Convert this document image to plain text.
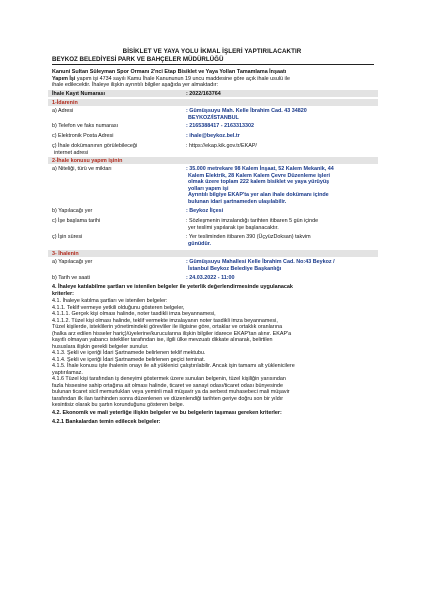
BİSİKLET VE YAYA YOLU İKMAL İŞLERİ YAPTIRILACAKTIR
BEYKOZ BELEDİYESİ PARK VE BAHÇELER MÜDÜRLÜĞÜ
Kanuni Sultan Süleyman Spor Ormanı 2'nci Etap Bisiklet ve Yaya Yolları Tamamlama İnşaatı
Yapım İşi yapım işi 4734 sayılı Kamu İhale Kanununun 19 uncu maddesine göre açık ihale usulü ile
ihale edilecektir. İhaleye ilişkin ayrıntılı bilgiler aşağıda yer almaktadır:
İhale Kayıt Numarası	: 2022/163764
1-İdarenin
a) Adresi	: Gümüşsuyu Mah. Kelle İbrahim Cad. 43 34820
BEYKOZ/İSTANBUL
b) Telefon ve faks numarası	: 2165388417 - 2163313302
c) Elektronik Posta Adresi	: ihale@beykoz.bel.tr
ç) İhale dokümanının görülebileceği
internet adresi
: https://ekap.kik.gov.tr/EKAP/
2-İhale konusu yapım işinin
a) Niteliği, türü ve miktarı	: 35.000 metrekare 98 Kalem İnşaat, 52 Kalem Mekanik, 44
Kalem Elektrik, 28 Kalem Kalem Çevre Düzenleme işleri
olmak üzere toplam 222 kalem bisiklet ve yaya yürüyüş
yolları yapım işi
Ayrıntılı bilgiye EKAP'ta yer alan ihale dokümanı içinde
bulunan idari şartnameden ulaşılabilir.
b) Yapılacağı yer	: Beykoz İlçesi
c) İşe başlama tarihi	: Sözleşmenin imzalandığı tarihten itibaren 5 gün içinde
yer teslimi yapılarak işe başlanacaktır.
ç) İşin süresi	: Yer tesliminden itibaren 390 (ÜçyüzDoksan) takvim
günüdür.
3- İhalenin
a) Yapılacağı yer	: Gümüşsuyu Mahallesi Kelle İbrahim Cad. No:43 Beykoz /
İstanbul Beykoz Belediye Başkanlığı
b) Tarih ve saati	: 24.03.2022 - 11:00
4. İhaleye katılabilme şartları ve istenilen belgeler ile yeterlik değerlendirmesinde uygulanacak
kriterler:
4.1. İhaleye katılma şartları ve istenilen belgeler:
4.1.1. Teklif vermeye yetkili olduğunu gösteren belgeler,
4.1.1.1. Gerçek kişi olması halinde, noter tasdikli imza beyannamesi,
4.1.1.2. Tüzel kişi olması halinde, teklif vermekte imzalayanın noter tasdikli imza beyannamesi,
Tüzel kişilerde, isteklilerin yönetimindeki görevliler ile iligisine göre, ortaklar ve ortaklık oranlarına
(halka arz edilen hisseler hariç)/üyelerine/kurucularına ilişkin bilgiler idarece EKAP'tan alınır. EKAP'a
kayıtlı olmayan yabancı istekliler tarafından ise, ilgili ülke mevzuatı dikkate alınarak, belirtilen
hususlara ilişkin gerekli belgeler sunulur.
4.1.3. Şekli ve içeriği İdari Şartnamede belirlenen teklif mektubu.
4.1.4. Şekli ve içeriği İdari Şartnamede belirlenen geçici teminat.
4.1.5. İhale konusu işte ihalenin onayı ile alt yüklenici çalıştırılabilir. Ancak işin tamamı alt yüklenicilere
yaptırılamaz.
4.1.6 Tüzel kişi tarafından iş deneyimi göstermek üzere sunulan belgenin, tüzel kişiliğin yarısından
fazla hissesine sahip ortağına ait olması halinde, ticaret ve sanayi odası/ticaret odası bünyesinde
bulunan ticaret sicil memurlukları veya yeminli mali müşavir ya da serbest muhasebeci mali müşavir
tarafından ilk ilan tarihinden sonra düzenlenen ve düzenlendiği tarihten geriye doğru son bir yıldır
kesintisiz olarak bu şartın korunduğunu gösteren belge.
4.2. Ekonomik ve mali yeterliğe ilişkin belgeler ve bu belgelerin taşıması gereken kriterler:
4.2.1 Bankalardan temin edilecek belgeler:
